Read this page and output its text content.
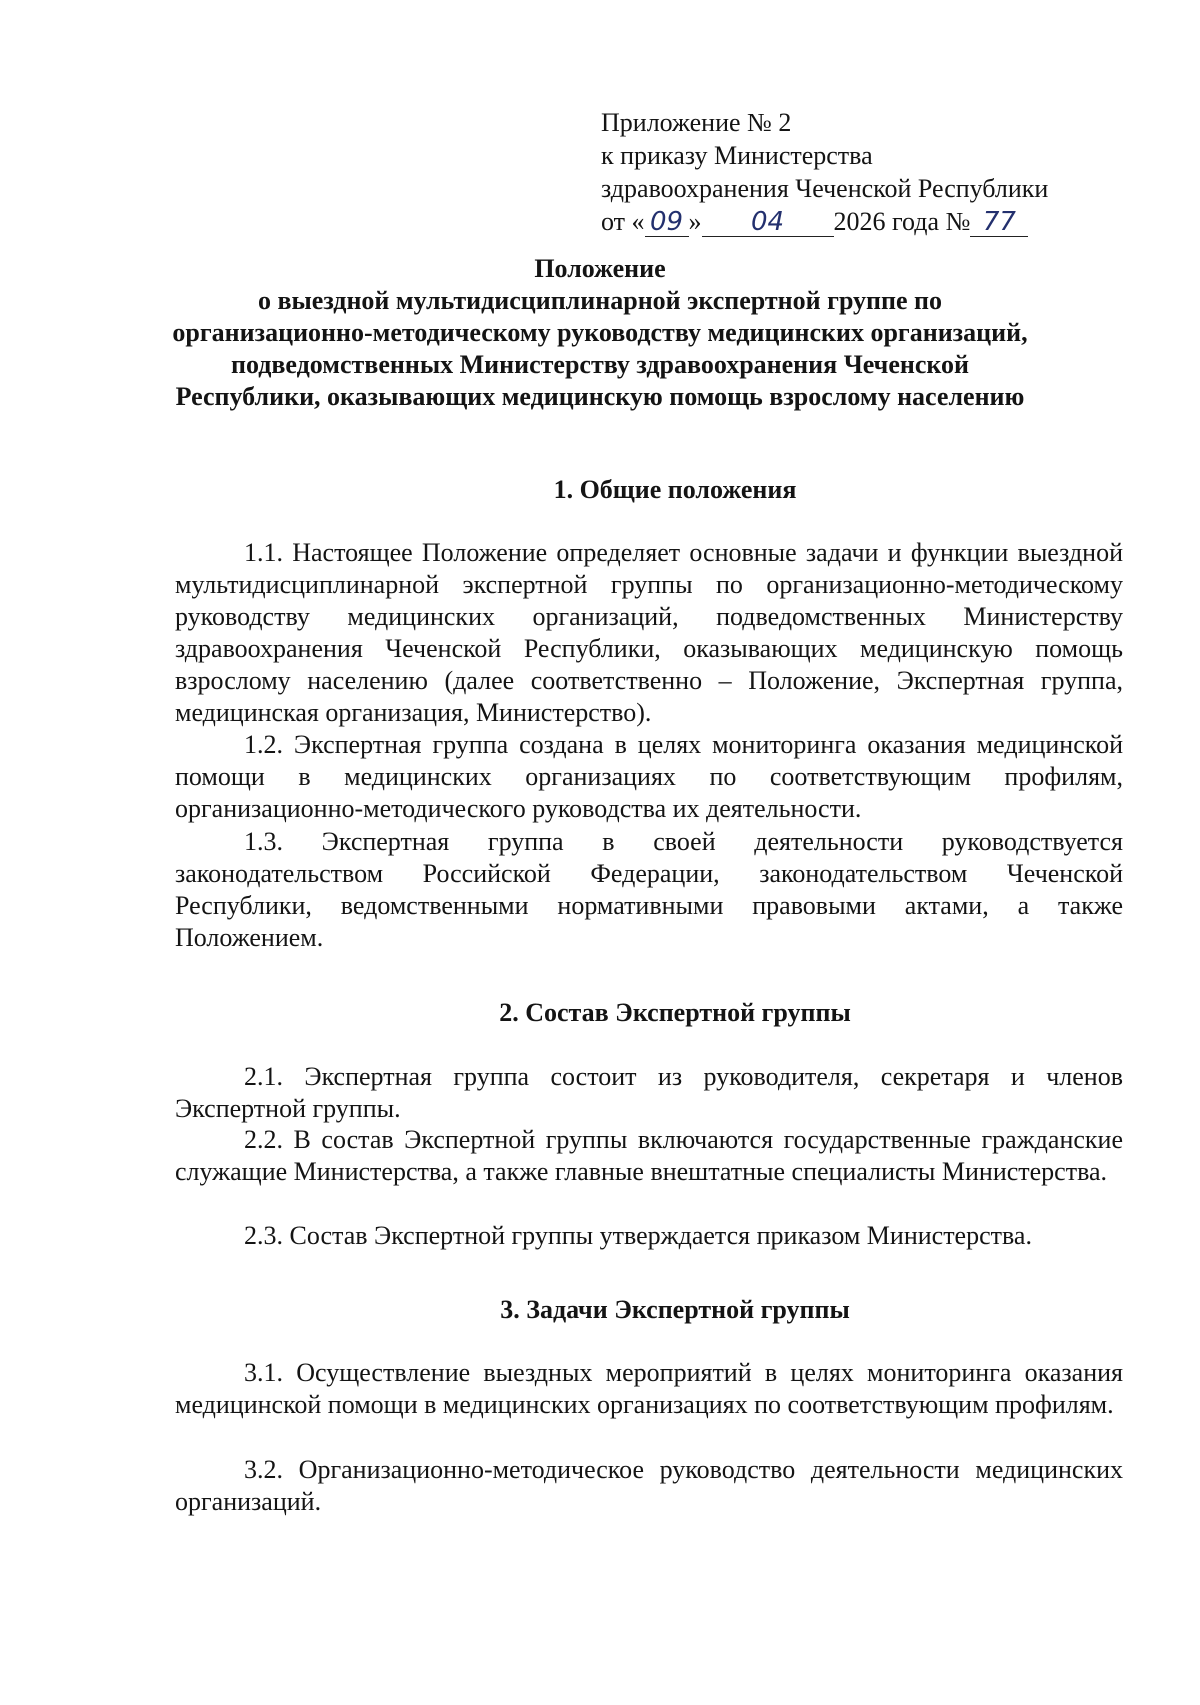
Приложение № 2
к приказу Министерства
здравоохранения Чеченской Республики
от « 09 » 04 2026 года № 77
Положение
о выездной мультидисциплинарной экспертной группе по
организационно-методическому руководству медицинских организаций,
подведомственных Министерству здравоохранения Чеченской
Республики, оказывающих медицинскую помощь взрослому населению
1. Общие положения
1.1. Настоящее Положение определяет основные задачи и функции выездной мультидисциплинарной экспертной группы по организационно-методическому руководству медицинских организаций, подведомственных Министерству здравоохранения Чеченской Республики, оказывающих медицинскую помощь взрослому населению (далее соответственно – Положение, Экспертная группа, медицинская организация, Министерство).
1.2. Экспертная группа создана в целях мониторинга оказания медицинской помощи в медицинских организациях по соответствующим профилям, организационно-методического руководства их деятельности.
1.3. Экспертная группа в своей деятельности руководствуется законодательством Российской Федерации, законодательством Чеченской Республики, ведомственными нормативными правовыми актами, а также Положением.
2. Состав Экспертной группы
2.1. Экспертная группа состоит из руководителя, секретаря и членов Экспертной группы.
2.2. В состав Экспертной группы включаются государственные гражданские служащие Министерства, а также главные внештатные специалисты Министерства.
2.3. Состав Экспертной группы утверждается приказом Министерства.
3. Задачи Экспертной группы
3.1. Осуществление выездных мероприятий в целях мониторинга оказания медицинской помощи в медицинских организациях по соответствующим профилям.
3.2. Организационно-методическое руководство деятельности медицинских организаций.
